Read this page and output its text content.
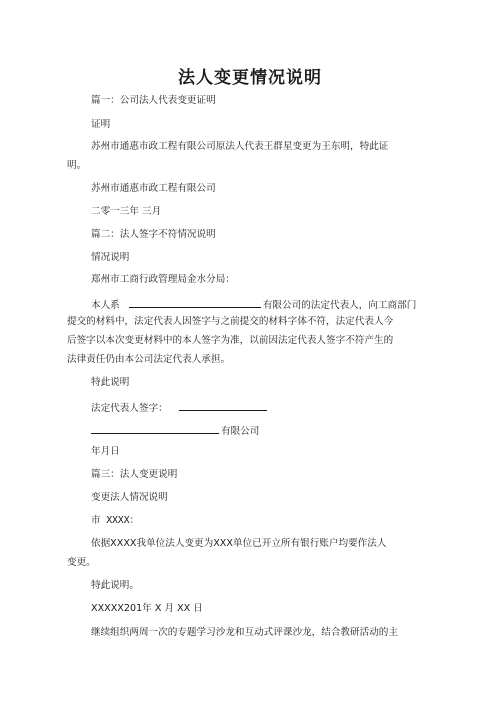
法人变更情况说明
篇一：公司法人代表变更证明
证明
苏州市通惠市政工程有限公司原法人代表王群星变更为王东明，特此证
明。
苏州市通惠市政工程有限公司
二零一三年 三月
篇二：法人签字不符情况说明
情况说明
郑州市工商行政管理局金水分局：
本人系	有限公司的法定代表人，向工商部门
提交的材料中，法定代表人因签字与之前提交的材料字体不符，法定代表人今
后签字以本次变更材料中的本人签字为准，以前因法定代表人签字不符产生的
法律责任仍由本公司法定代表人承担。
特此说明
法定代表人签字：
有限公司
年月日
篇三：法人变更说明
变更法人情况说明
市 XXXX：
依据XXXX我单位法人变更为XXX单位已开立所有银行账户均要作法人
变更。
特此说明。
XXXXX201年 X 月 XX 日
继续组织两周一次的专题学习沙龙和互动式评课沙龙，结合教研活动的主
